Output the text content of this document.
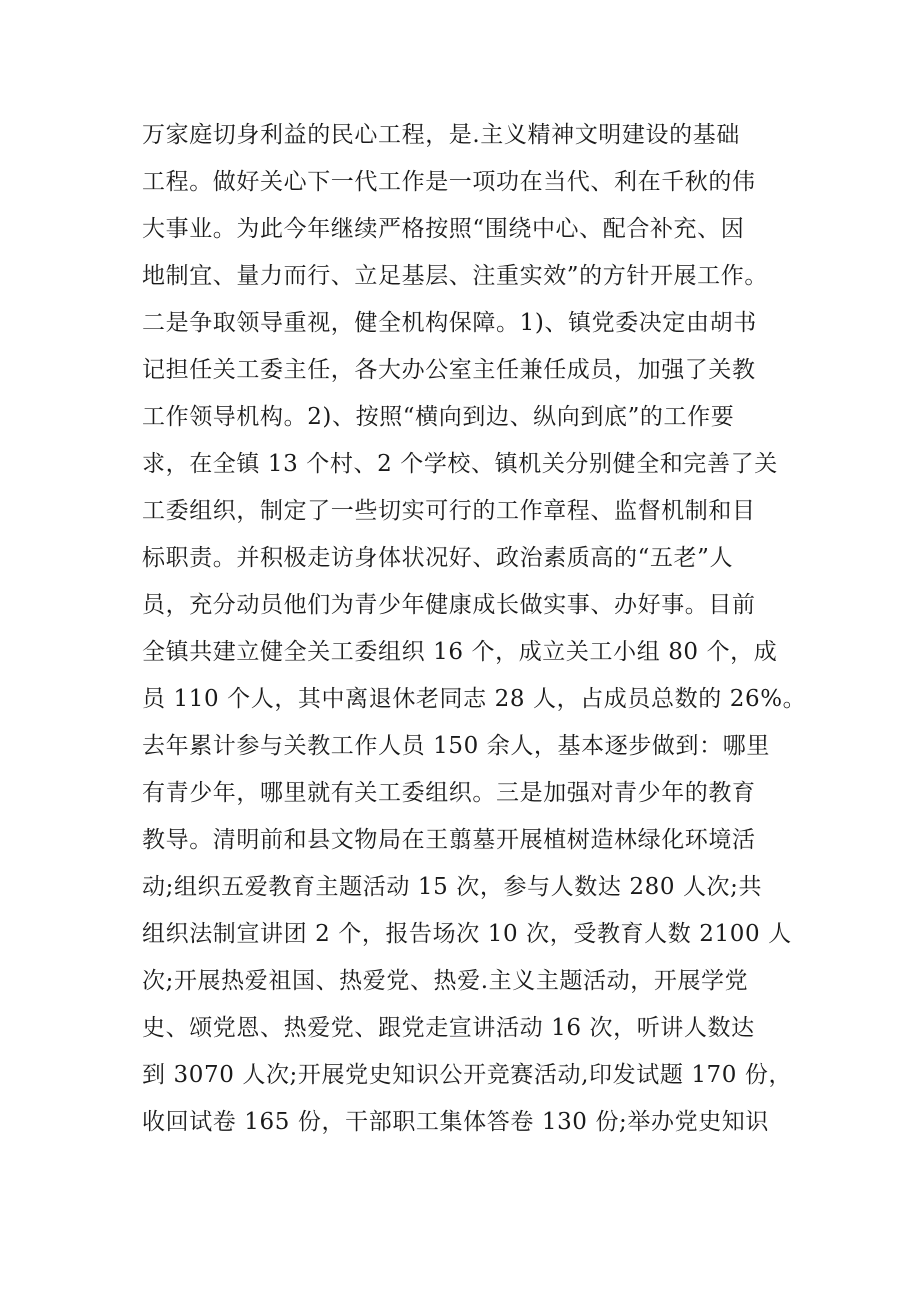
万家庭切身利益的民心工程，是.主义精神文明建设的基础
工程。做好关心下一代工作是一项功在当代、利在千秋的伟
大事业。为此今年继续严格按照“围绕中心、配合补充、因
地制宜、量力而行、立足基层、注重实效”的方针开展工作。
二是争取领导重视，健全机构保障。1)、镇党委决定由胡书
记担任关工委主任，各大办公室主任兼任成员，加强了关教
工作领导机构。2)、按照“横向到边、纵向到底”的工作要
求，在全镇 13 个村、2 个学校、镇机关分别健全和完善了关
工委组织，制定了一些切实可行的工作章程、监督机制和目
标职责。并积极走访身体状况好、政治素质高的“五老”人
员，充分动员他们为青少年健康成长做实事、办好事。目前
全镇共建立健全关工委组织 16 个，成立关工小组 80 个，成
员 110 个人，其中离退休老同志 28 人，占成员总数的 26%。
去年累计参与关教工作人员 150 余人，基本逐步做到：哪里
有青少年，哪里就有关工委组织。三是加强对青少年的教育
教导。清明前和县文物局在王翦墓开展植树造林绿化环境活
动;组织五爱教育主题活动 15 次，参与人数达 280 人次;共
组织法制宣讲团 2 个，报告场次 10 次，受教育人数 2100 人
次;开展热爱祖国、热爱党、热爱.主义主题活动，开展学党
史、颂党恩、热爱党、跟党走宣讲活动 16 次，听讲人数达
到 3070 人次;开展党史知识公开竞赛活动,印发试题 170 份，
收回试卷 165 份，干部职工集体答卷 130 份;举办党史知识
